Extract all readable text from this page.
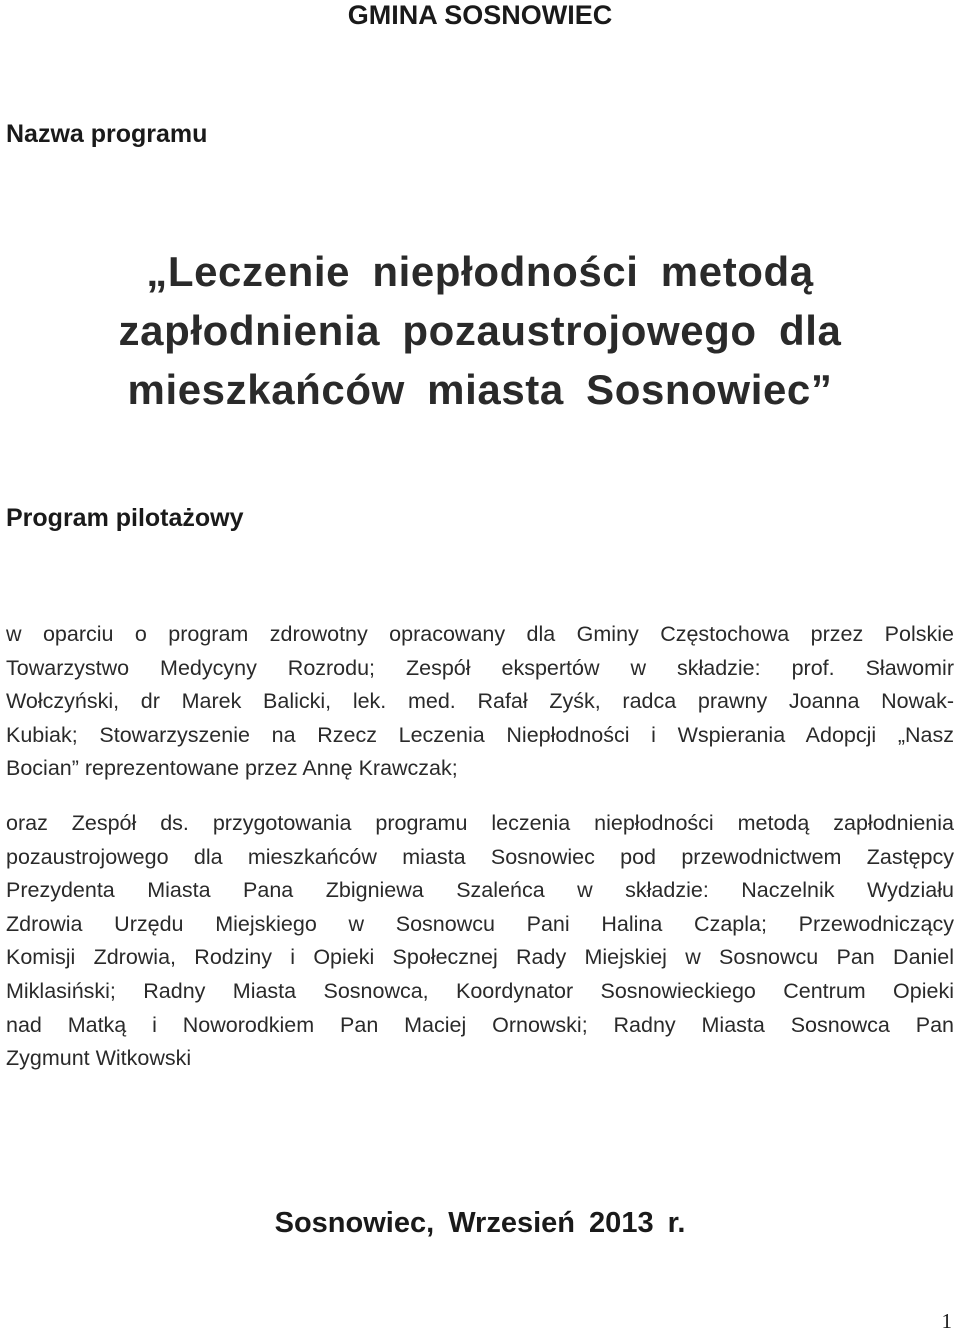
GMINA SOSNOWIEC
Nazwa programu
„Leczenie niepłodności metodą
zapłodnienia pozaustrojowego dla
mieszkańców miasta Sosnowiec”
Program pilotażowy
w oparciu o program zdrowotny opracowany dla Gminy Częstochowa przez Polskie
Towarzystwo Medycyny Rozrodu; Zespół ekspertów w składzie: prof. Sławomir
Wołczyński, dr Marek Balicki, lek. med. Rafał Zyśk, radca prawny Joanna Nowak-
Kubiak; Stowarzyszenie na Rzecz Leczenia Niepłodności i Wspierania Adopcji „Nasz
Bocian” reprezentowane przez Annę Krawczak;
oraz Zespół ds. przygotowania programu leczenia niepłodności metodą zapłodnienia
pozaustrojowego dla mieszkańców miasta Sosnowiec pod przewodnictwem Zastępcy
Prezydenta Miasta Pana Zbigniewa Szaleńca w składzie: Naczelnik Wydziału
Zdrowia Urzędu Miejskiego w Sosnowcu Pani Halina Czapla; Przewodniczący
Komisji Zdrowia, Rodziny i Opieki Społecznej Rady Miejskiej w Sosnowcu Pan Daniel
Miklasiński; Radny Miasta Sosnowca, Koordynator Sosnowieckiego Centrum Opieki
nad Matką i Noworodkiem Pan Maciej Ornowski; Radny Miasta Sosnowca Pan
Zygmunt Witkowski
Sosnowiec, Wrzesień 2013 r.
1
